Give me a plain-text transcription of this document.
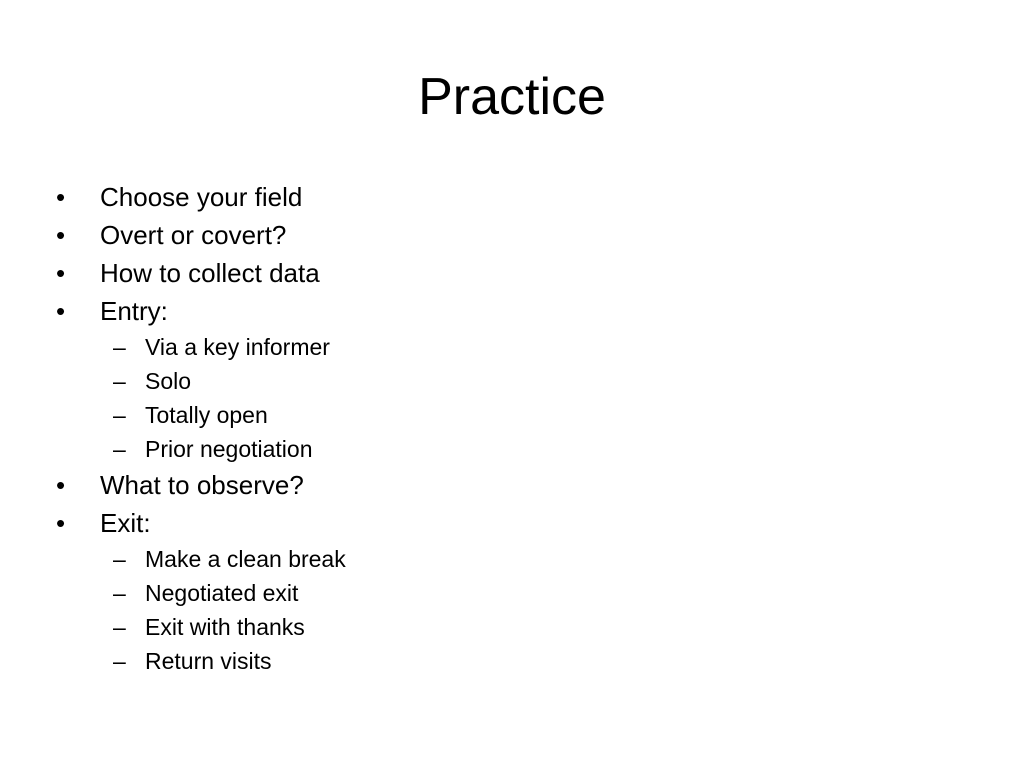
Practice
•	Choose your field
•	Overt or covert?
•	How to collect data
•	Entry:
– Via a key informer
– Solo
– Totally open
– Prior negotiation
•	What to observe?
•	Exit:
– Make a clean break
– Negotiated exit
– Exit with thanks
– Return visits
